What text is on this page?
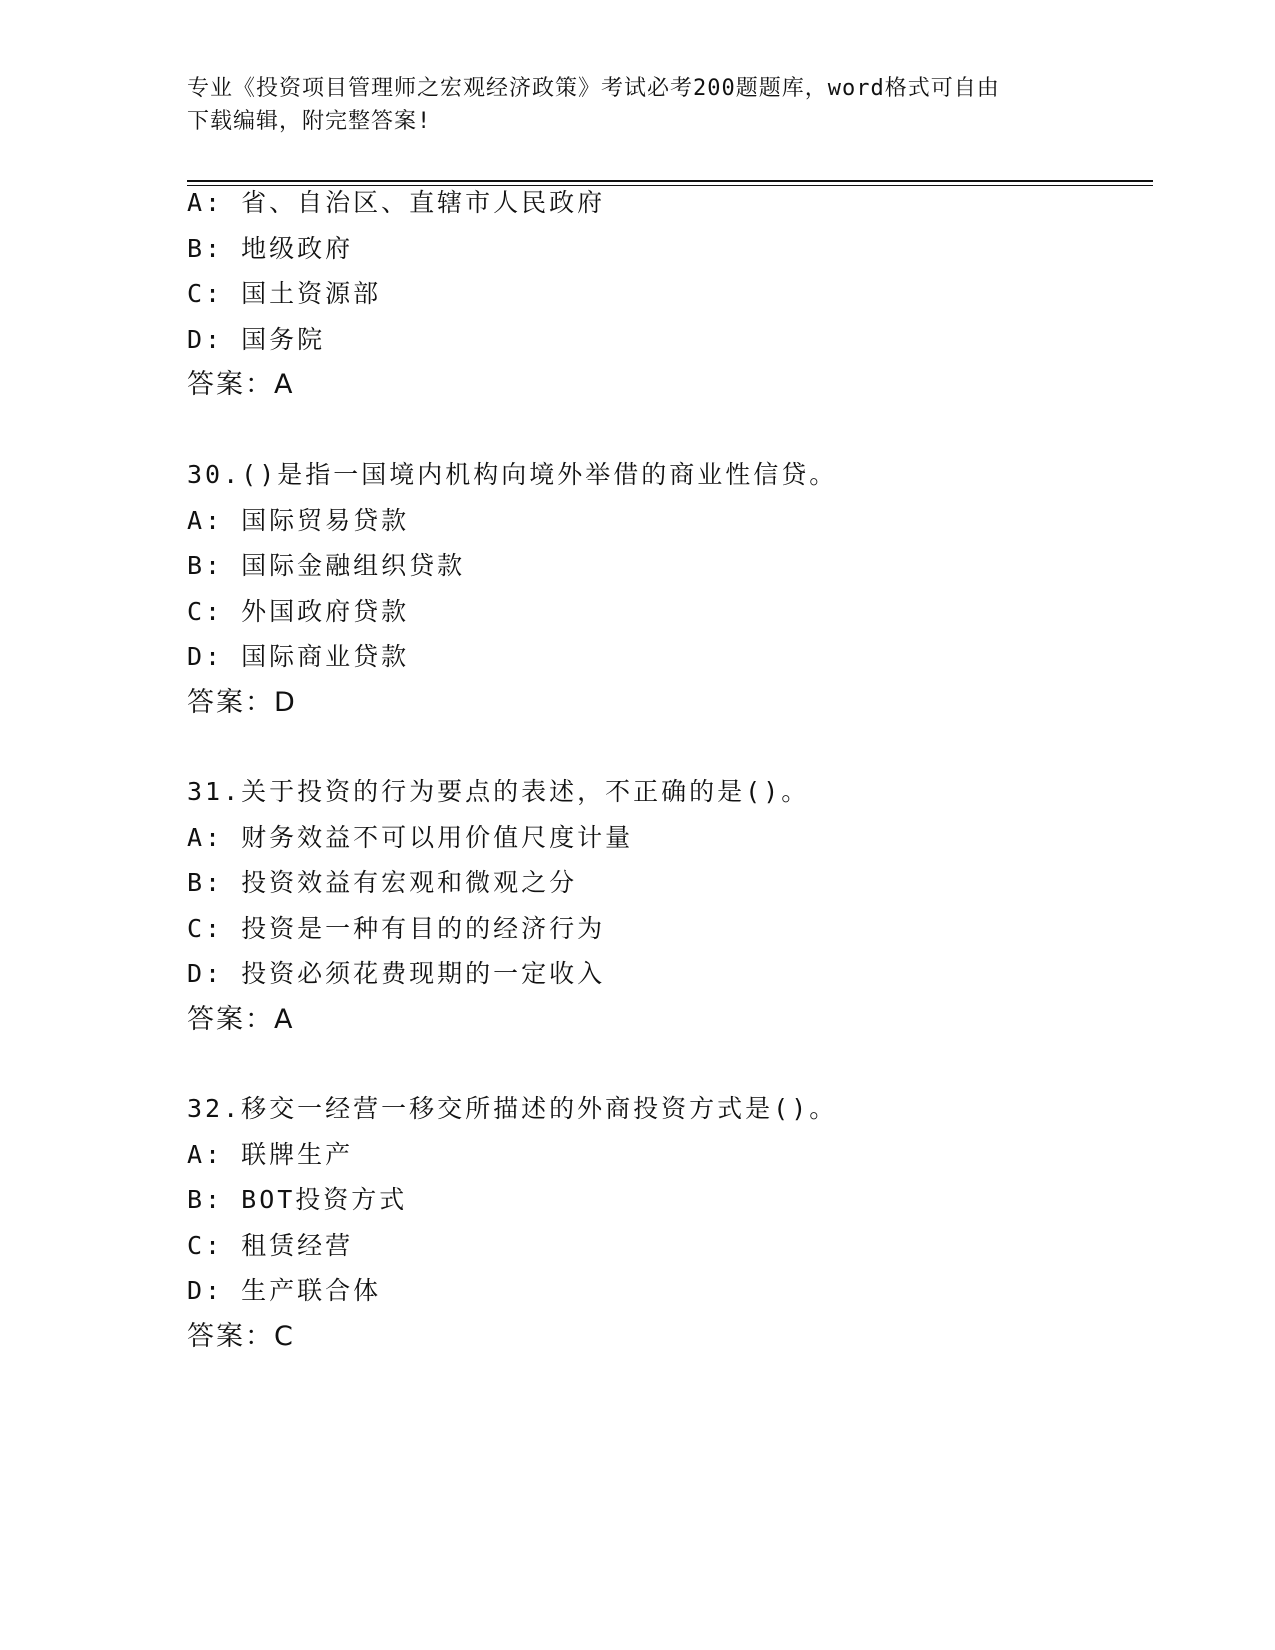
专业《投资项目管理师之宏观经济政策》考试必考200题题库，word格式可自由
下载编辑，附完整答案!
A: 省、自治区、直辖市人民政府
B: 地级政府
C: 国土资源部
D: 国务院
答案：A
30.()是指一国境内机构向境外举借的商业性信贷。
A: 国际贸易贷款
B: 国际金融组织贷款
C: 外国政府贷款
D: 国际商业贷款
答案：D
31.关于投资的行为要点的表述，不正确的是()。
A: 财务效益不可以用价值尺度计量
B: 投资效益有宏观和微观之分
C: 投资是一种有目的的经济行为
D: 投资必须花费现期的一定收入
答案：A
32.移交一经营一移交所描述的外商投资方式是()。
A: 联牌生产
B: BOT投资方式
C: 租赁经营
D: 生产联合体
答案：C
